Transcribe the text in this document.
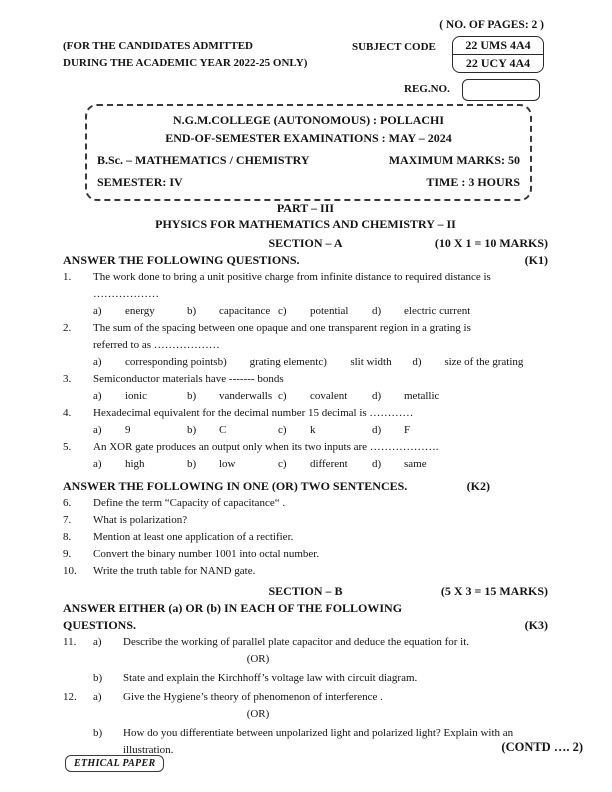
( NO. OF PAGES: 2 )
(FOR THE CANDIDATES ADMITTED
DURING THE ACADEMIC YEAR 2022-25 ONLY)
SUBJECT CODE	22 UMS 4A4
22 UCY 4A4
REG.NO.
N.G.M.COLLEGE (AUTONOMOUS) : POLLACHI
END-OF-SEMESTER EXAMINATIONS : MAY – 2024
B.Sc. – MATHEMATICS / CHEMISTRY	MAXIMUM MARKS: 50
SEMESTER: IV	TIME : 3 HOURS
PART – III
PHYSICS FOR MATHEMATICS AND CHEMISTRY – II
SECTION – A	(10 X 1 = 10 MARKS)
ANSWER THE FOLLOWING QUESTIONS.	(K1)
1.	The work done to bring a unit positive charge from infinite distance to required distance is
………………
a)	energy	b)	capacitance c)	potential d)	electric current
2.	The sum of the spacing between one opaque and one transparent region in a grating is
referred to as ………………
a)	corresponding points b)	grating element c)	slit width d)	size of the grating
3.	Semiconductor materials have ------- bonds
a)	ionic	b)	vanderwalls c)	covalent d)	metallic
4.	Hexadecimal equivalent for the decimal number 15 decimal is …………
a)	9	b)	C	c)	k	d)	F
5.	An XOR gate produces an output only when its two inputs are ……………….
a)	high	b)	low	c)	different d)	same
ANSWER THE FOLLOWING IN ONE (OR) TWO SENTENCES.	(K2)
6.	Define the term “Capacity of capacitance“ .
7.	What is polarization?
8.	Mention at least one application of a rectifier.
9.	Convert the binary number 1001 into octal number.
10.	Write the truth table for NAND gate.
SECTION – B	(5 X 3 = 15 MARKS)
ANSWER EITHER (a) OR (b) IN EACH OF THE FOLLOWING
QUESTIONS.	(K3)
11.	a)	Describe the working of parallel plate capacitor and deduce the equation for it.
(OR)
b)	State and explain the Kirchhoff’s voltage law with circuit diagram.
12.	a)	Give the Hygiene’s theory of phenomenon of interference .
(OR)
b)	How do you differentiate between unpolarized light and polarized light? Explain with an illustration.	(CONTD …. 2)
ETHICAL PAPER
